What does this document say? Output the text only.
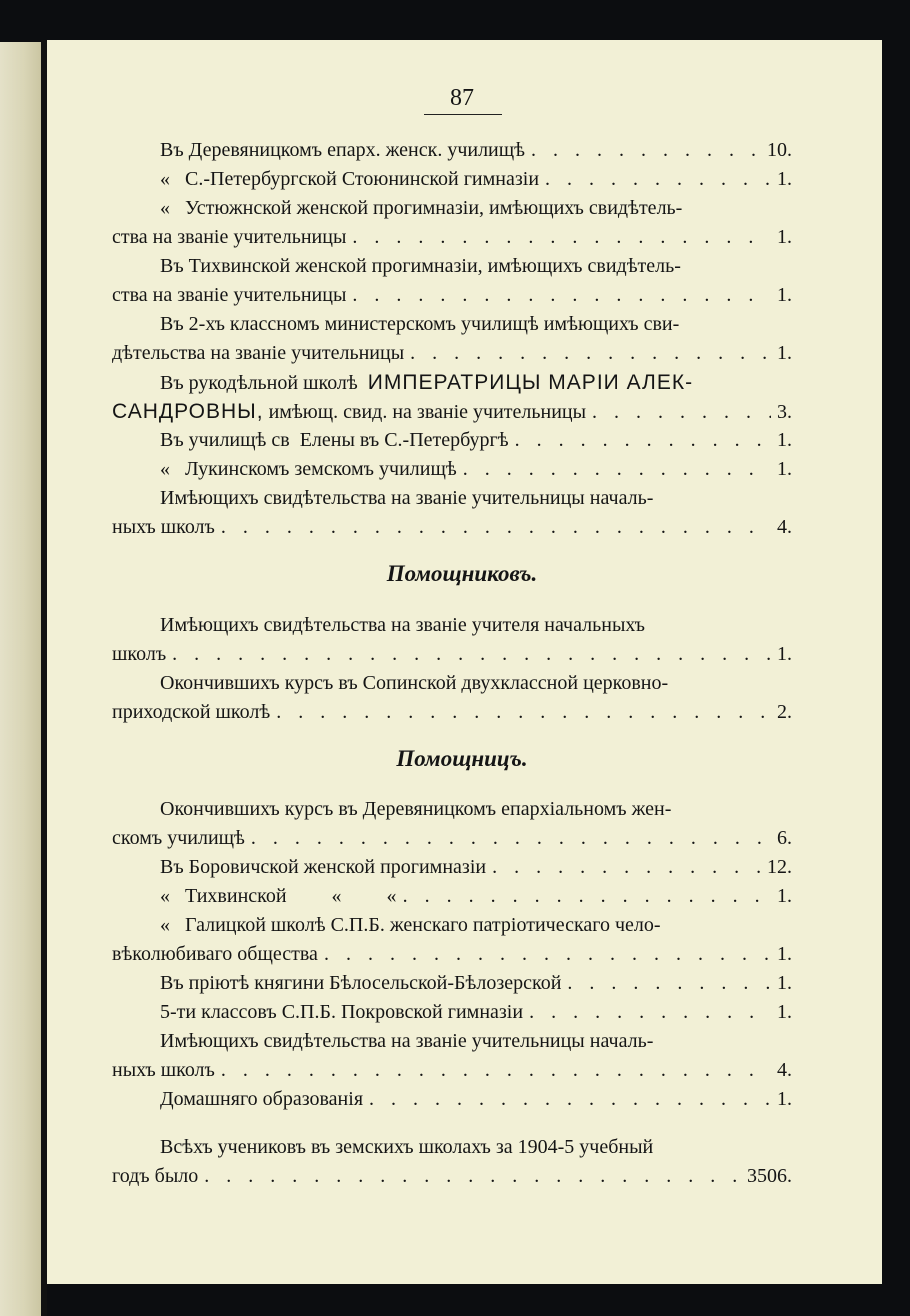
87
Въ Деревяницкомъ епарх. женск. училищѣ . . .	10.
«   С.-Петербургской Стоюнинской гимназіи . . .	1.
«   Устюжнской женской прогимназіи, имѣющихъ свидѣтель-
ства на званіе учительницы . . .	1.
Въ Тихвинской женской прогимназіи, имѣющихъ свидѣтель-
ства на званіе учительницы . . .	1.
Въ 2-хъ классномъ министерскомъ училищѣ имѣющихъ сви-
дѣтельства на званіе учительницы . . .	1.
Въ рукодѣльной школѣ ИМПЕРАТРИЦЫ МАРІИ АЛЕК-
САНДРОВНЫ, имѣющ. свид. на званіе учительницы . . .	3.
Въ училищѣ св  Елены въ С.-Петербургѣ . . .	1.
«   Лукинскомъ земскомъ училищѣ . . .	1.
Имѣющихъ свидѣтельства на званіе учительницы началь-
ныхъ школъ . . .	4.
Помощниковъ.
Имѣющихъ свидѣтельства на званіе учителя начальныхъ
школъ . . .	1.
Окончившихъ курсъ въ Сопинской двухклассной церковно-
приходской школѣ . . .	2.
Помощницъ.
Окончившихъ курсъ въ Деревяницкомъ епархіальномъ жен-
скомъ училищѣ . . .	6.
Въ Боровичской женской прогимназіи . . .	12.
«   Тихвинской         «         « . . .	1.
«   Галицкой школѣ С.П.Б. женскаго патріотическаго чело-
вѣколюбиваго общества . . .	1.
Въ пріютѣ княгини Бѣлосельской-Бѣлозерской . . .	1.
5-ти классовъ С.П.Б. Покровской гимназіи . . .	1.
Имѣющихъ свидѣтельства на званіе учительницы началь-
ныхъ школъ . . .	4.
Домашняго образованія . . .	1.
Всѣхъ учениковъ въ земскихъ школахъ за 1904-5 учебный
годъ было . . .	3506.
